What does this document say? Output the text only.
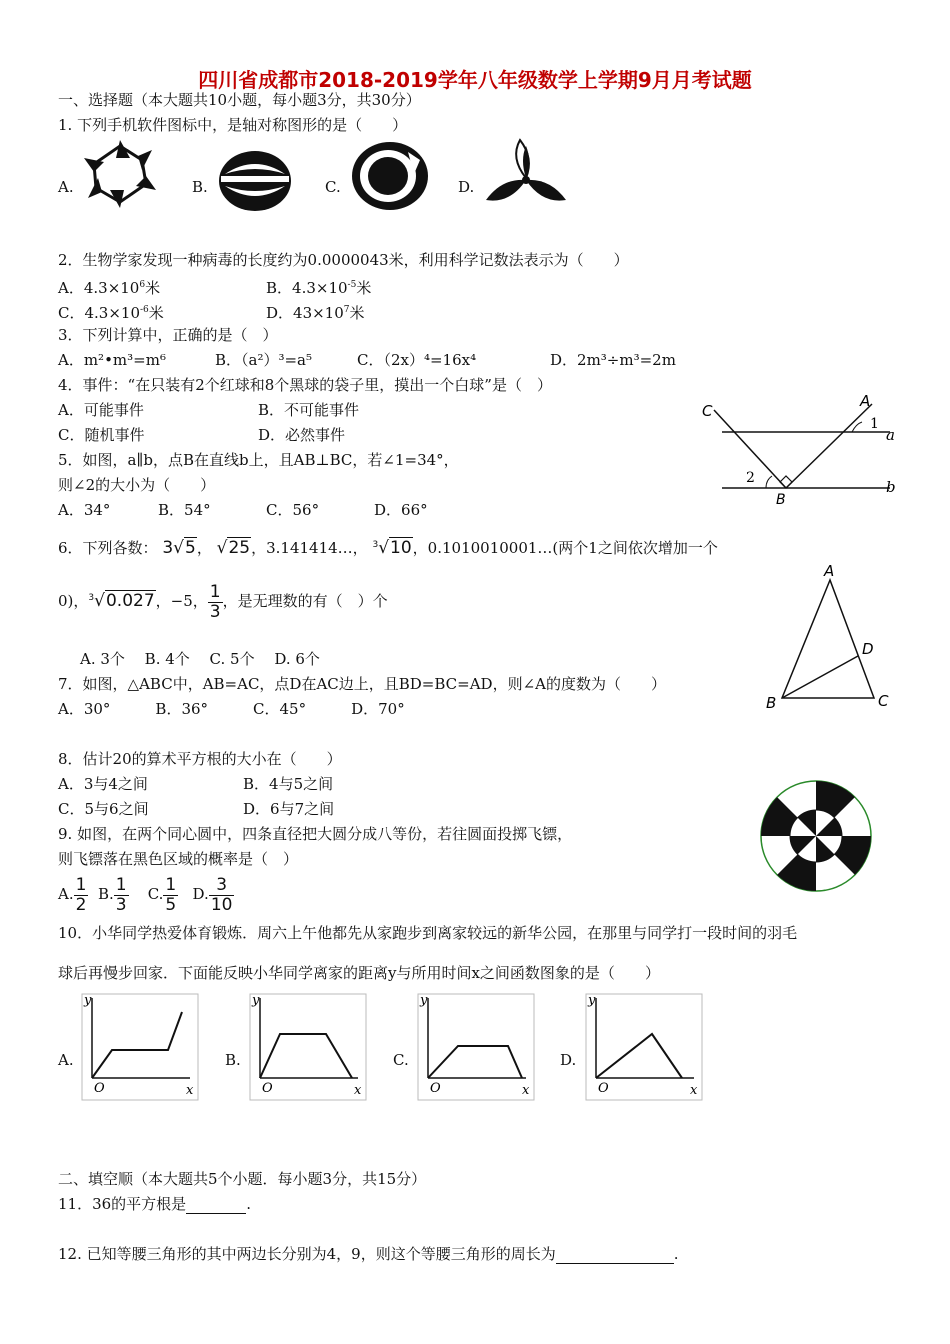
四川省成都市2018-2019学年八年级数学上学期9月月考试题
一、选择题（本大题共10小题，每小题3分，共30分）
1. 下列手机软件图标中，是轴对称图形的是（　　）
A.	B.	C.	D.
2．生物学家发现一种病毒的长度约为0.0000043米，利用科学记数法表示为（　　）
A．$4.3\times 10^6$米	B．$4.3\times 10^{-5}$米
C．$4.3\times 10^{-6}$米	D．$43\times 10^7$米
3．下列计算中，正确的是（　）
A．m²•m³=m⁶	B．（a²）³=a⁵	C．（2x）⁴=16x⁴	D．2m³÷m³=2m
4．事件：“在只装有2个红球和8个黑球的袋子里，摸出一个白球”是（　）
A．可能事件	B．不可能事件
C．随机事件	D．必然事件
5．如图，a∥b，点B在直线b上，且AB⊥BC，若∠1=34°，
则∠2的大小为（　　）
A．34°	B．54°	C．56°	D．66°
C
A
1
a
2	b
B
6．下列各数： 3√5， √25，3.141414…， $^3$√10，0.1010010001…(两个1之间依次增加一个
0)，$^3$√0.027，−5， $\frac{1}{3}$ ，是无理数的有（　）个
A. 3个　 B. 4个　 C. 5个　 D. 6个
A
D
B	C
7．如图，△ABC中，AB=AC，点D在AC边上，且BD=BC=AD，则∠A的度数为（　　）
A．30°　　　B．36°　　　C．45°　　　D．70°
8．估计20的算术平方根的大小在（　　）
A．3与4之间	B．4与5之间
C．5与6之间	D．6与7之间
9. 如图，在两个同心圆中，四条直径把大圆分成八等份，若往圆面投掷飞镖，
则飞镖落在黑色区域的概率是（　）
A. $\frac{1}{2} B$. $\frac{1}{3} C$. $\frac{1}{5} D$. $\frac{3}{10}$
10．小华同学热爱体育锻炼．周六上午他都先从家跑步到离家较远的新华公园，在那里与同学打一段时间的羽毛
球后再慢步回家．下面能反映小华同学离家的距离y与所用时间x之间函数图象的是（　　）
A.
y
x
O
B.
y
x
O
C.
y
x
O
D.
y
x
O
二、填空顺（本大题共5个小题．每小题3分，共15分）
11．36的平方根是	.
12. 已知等腰三角形的其中两边长分别为4，9，则这个等腰三角形的周长为	.
